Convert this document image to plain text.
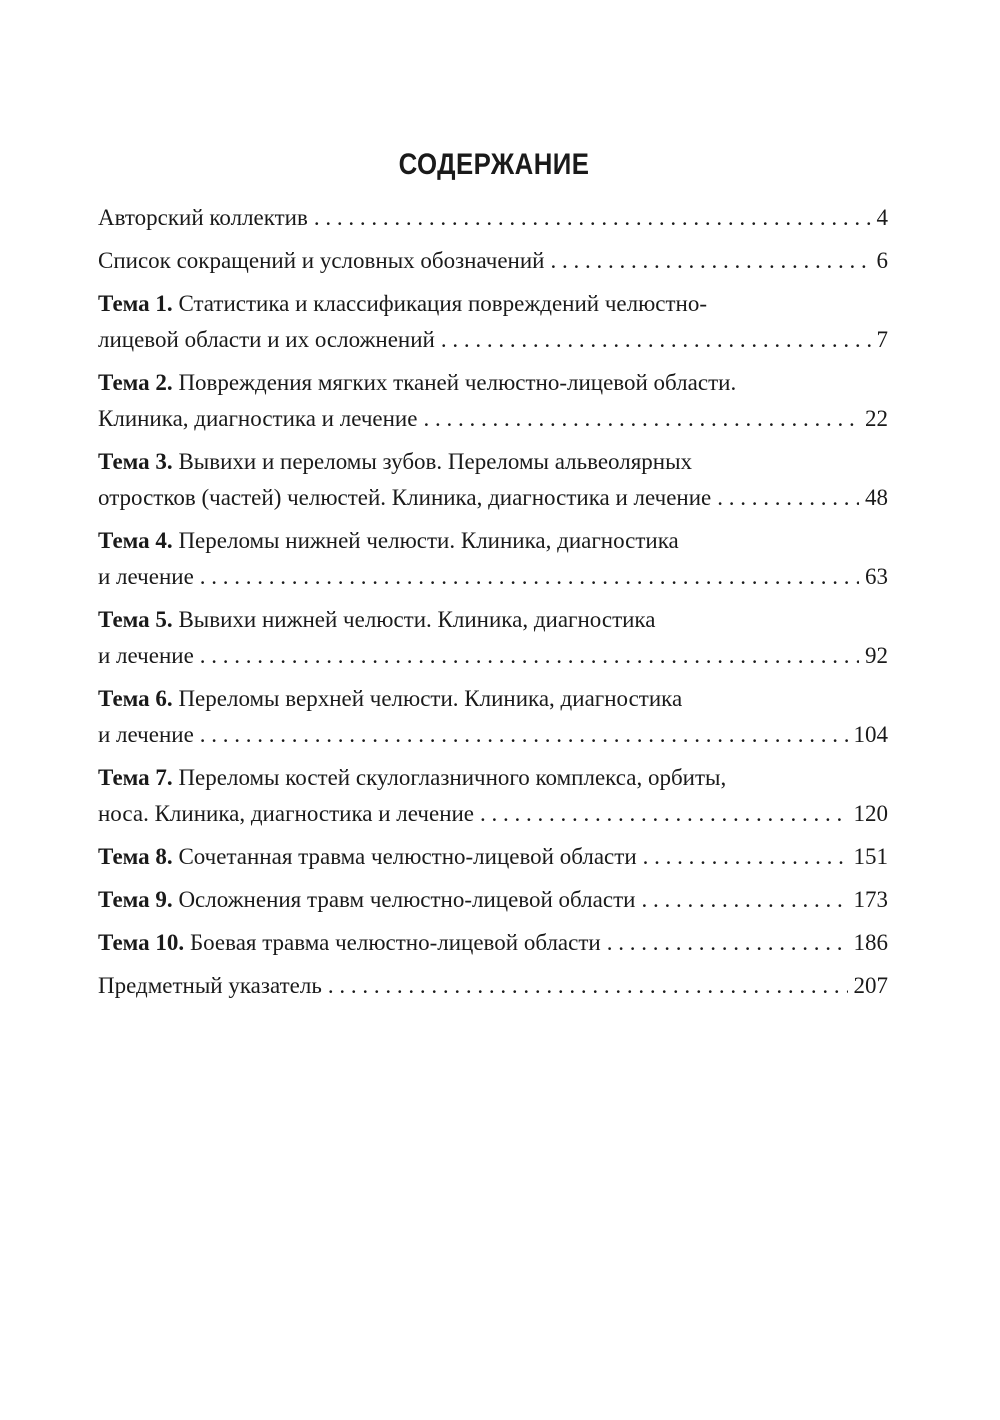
СОДЕРЖАНИЕ
Авторский коллектив . . .	4
Список сокращений и условных обозначений . . .	6
Тема 1. Статистика и классификация повреждений челюстно-
лицевой области и их осложнений . . .	7
Тема 2. Повреждения мягких тканей челюстно-лицевой области.
Клиника, диагностика и лечение . . .	22
Тема 3. Вывихи и переломы зубов. Переломы альвеолярных
отростков (частей) челюстей. Клиника, диагностика и лечение . . .	48
Тема 4. Переломы нижней челюсти. Клиника, диагностика
и лечение . . .	63
Тема 5. Вывихи нижней челюсти. Клиника, диагностика
и лечение . . .	92
Тема 6. Переломы верхней челюсти. Клиника, диагностика
и лечение . . .	104
Тема 7. Переломы костей скулоглазничного комплекса, орбиты,
носа. Клиника, диагностика и лечение . . .	120
Тема 8. Сочетанная травма челюстно-лицевой области . . .	151
Тема 9. Осложнения травм челюстно-лицевой области . . .	173
Тема 10. Боевая травма челюстно-лицевой области . . .	186
Предметный указатель . . .	207
